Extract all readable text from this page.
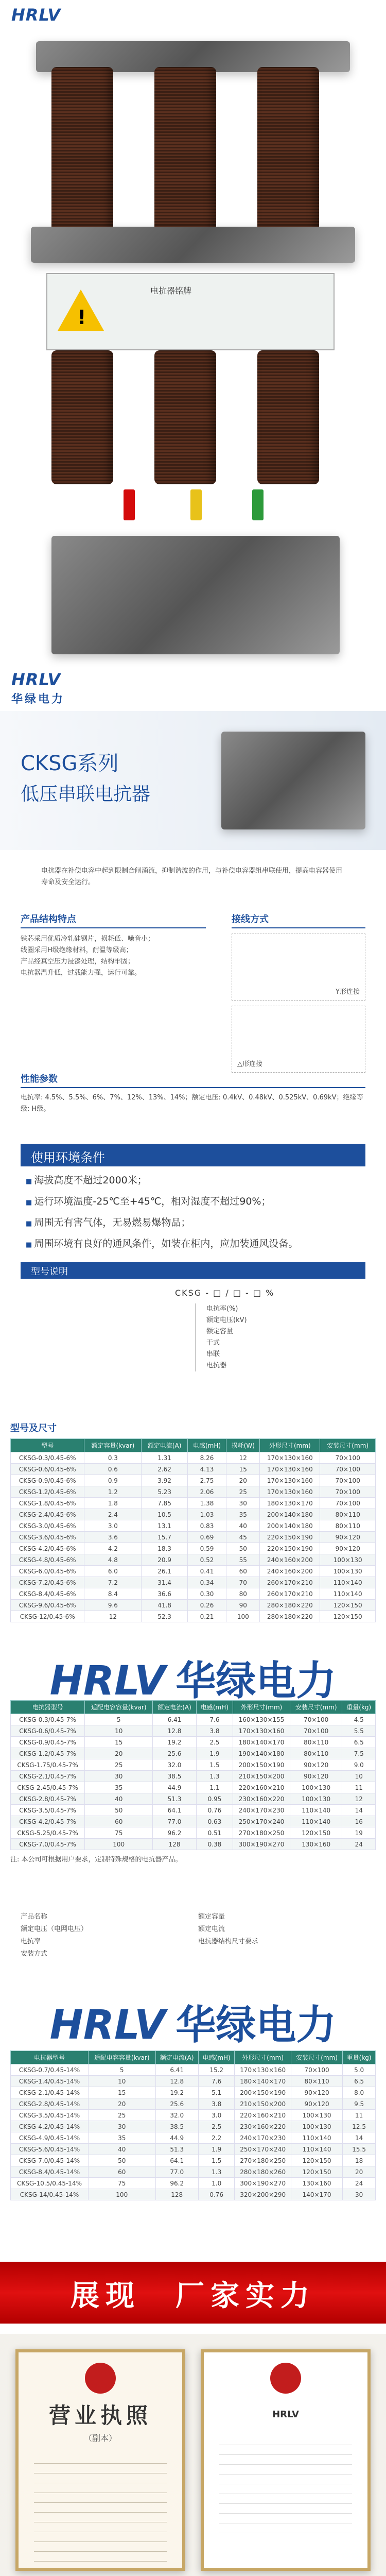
HRLV
!
电抗器铭牌
HRLV
华绿电力
CKSG系列
低压串联电抗器

电抗器在补偿电容中起到限制合闸涌流，抑制谐波的作用，与补偿电容器组串联使用，提高电容器使用寿命及安全运行。

产品结构特点
铁芯采用优质冷轧硅钢片，损耗低、噪音小；
线圈采用H级绝缘材料，耐温等级高；
产品经真空压力浸漆处理，结构牢固；
电抗器温升低，过载能力强，运行可靠。
接线方式
Y形连接
△形连接
性能参数

电抗率: 4.5%、5.5%、6%、7%、12%、13%、14%；额定电压: 0.4kV、0.48kV、0.525kV、0.69kV；绝缘等级: H级。

使用环境条件
■ 海拔高度不超过2000米；
■ 运行环境温度-25℃至+45℃，相对湿度不超过90%；
■ 周围无有害气体，无易燃易爆物品；
■ 周围环境有良好的通风条件，如装在柜内，应加装通风设备。
型号说明
CKSG - □ / □ - □ %
电抗率(%)
额定电压(kV)
额定容量
干式
串联
电抗器
型号及尺寸
型号	额定容量(kvar)	额定电流(A)	电感(mH)	损耗(W)	外形尺寸(mm)	安装尺寸(mm)
CKSG-0.3/0.45-6%	0.3	1.31	8.26	12	170×130×160	70×100
CKSG-0.6/0.45-6%	0.6	2.62	4.13	15	170×130×160	70×100
CKSG-0.9/0.45-6%	0.9	3.92	2.75	20	170×130×160	70×100
CKSG-1.2/0.45-6%	1.2	5.23	2.06	25	170×130×160	70×100
CKSG-1.8/0.45-6%	1.8	7.85	1.38	30	180×130×170	70×100
CKSG-2.4/0.45-6%	2.4	10.5	1.03	35	200×140×180	80×110
CKSG-3.0/0.45-6%	3.0	13.1	0.83	40	200×140×180	80×110
CKSG-3.6/0.45-6%	3.6	15.7	0.69	45	220×150×190	90×120
CKSG-4.2/0.45-6%	4.2	18.3	0.59	50	220×150×190	90×120
CKSG-4.8/0.45-6%	4.8	20.9	0.52	55	240×160×200	100×130
CKSG-6.0/0.45-6%	6.0	26.1	0.41	60	240×160×200	100×130
CKSG-7.2/0.45-6%	7.2	31.4	0.34	70	260×170×210	110×140
CKSG-8.4/0.45-6%	8.4	36.6	0.30	80	260×170×210	110×140
CKSG-9.6/0.45-6%	9.6	41.8	0.26	90	280×180×220	120×150
CKSG-12/0.45-6%	12	52.3	0.21	100	280×180×220	120×150
HRLV 华绿电力
电抗器型号	适配电容容量(kvar)	额定电流(A)	电感(mH)	外形尺寸(mm)	安装尺寸(mm)	重量(kg)
CKSG-0.3/0.45-7%	5	6.41	7.6	160×130×155	70×100	4.5
CKSG-0.6/0.45-7%	10	12.8	3.8	170×130×160	70×100	5.5
CKSG-0.9/0.45-7%	15	19.2	2.5	180×140×170	80×110	6.5
CKSG-1.2/0.45-7%	20	25.6	1.9	190×140×180	80×110	7.5
CKSG-1.75/0.45-7%	25	32.0	1.5	200×150×190	90×120	9.0
CKSG-2.1/0.45-7%	30	38.5	1.3	210×150×200	90×120	10
CKSG-2.45/0.45-7%	35	44.9	1.1	220×160×210	100×130	11
CKSG-2.8/0.45-7%	40	51.3	0.95	230×160×220	100×130	12
CKSG-3.5/0.45-7%	50	64.1	0.76	240×170×230	110×140	14
CKSG-4.2/0.45-7%	60	77.0	0.63	250×170×240	110×140	16
CKSG-5.25/0.45-7%	75	96.2	0.51	270×180×250	120×150	19
CKSG-7.0/0.45-7%	100	128	0.38	300×190×270	130×160	24

注: 本公司可根据用户要求，定制特殊规格的电抗器产品。

产品名称	额定容量
额定电压（电网电压）	额定电流
电抗率	电抗器结构尺寸要求
安装方式
HRLV 华绿电力
电抗器型号	适配电容容量(kvar)	额定电流(A)	电感(mH)	外形尺寸(mm)	安装尺寸(mm)	重量(kg)
CKSG-0.7/0.45-14%	5	6.41	15.2	170×130×160	70×100	5.0
CKSG-1.4/0.45-14%	10	12.8	7.6	180×140×170	80×110	6.5
CKSG-2.1/0.45-14%	15	19.2	5.1	200×150×190	90×120	8.0
CKSG-2.8/0.45-14%	20	25.6	3.8	210×150×200	90×120	9.5
CKSG-3.5/0.45-14%	25	32.0	3.0	220×160×210	100×130	11
CKSG-4.2/0.45-14%	30	38.5	2.5	230×160×220	100×130	12.5
CKSG-4.9/0.45-14%	35	44.9	2.2	240×170×230	110×140	14
CKSG-5.6/0.45-14%	40	51.3	1.9	250×170×240	110×140	15.5
CKSG-7.0/0.45-14%	50	64.1	1.5	270×180×250	120×150	18
CKSG-8.4/0.45-14%	60	77.0	1.3	280×180×260	120×150	20
CKSG-10.5/0.45-14%	75	96.2	1.0	300×190×270	130×160	24
CKSG-14/0.45-14%	100	128	0.76	320×200×290	140×170	30
展现　厂家实力
营业执照
（副本）
HRLV
